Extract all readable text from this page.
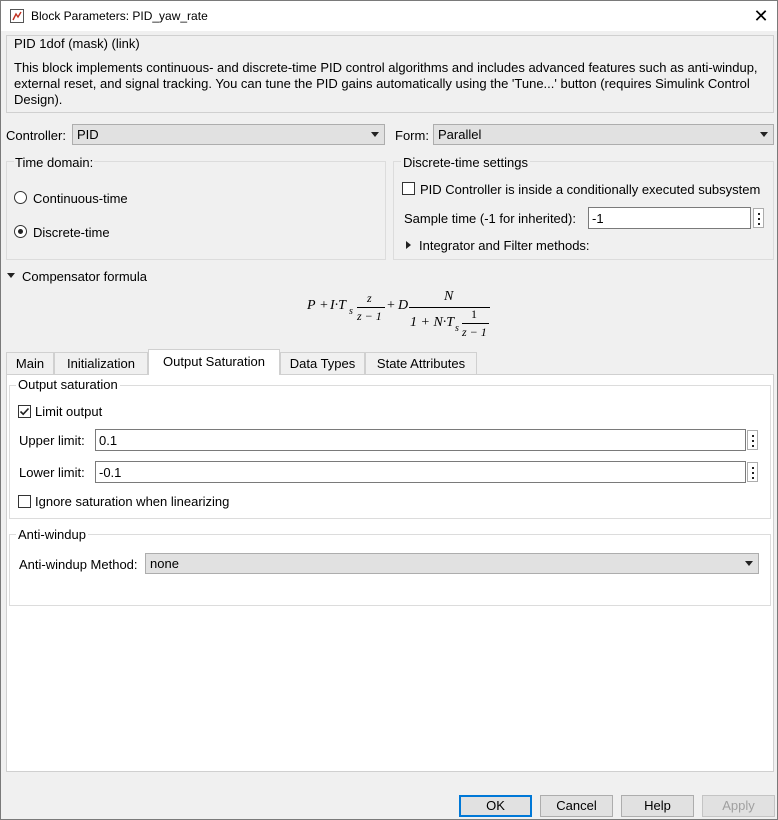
Block Parameters: PID_yaw_rate	✕
PID 1dof (mask) (link)
This block implements continuous- and discrete-time PID control algorithms and includes advanced features such as anti-windup, external reset, and signal tracking. You can tune the PID gains automatically using the 'Tune...' button (requires Simulink Control Design).
Controller: PID	Form: Parallel
Time domain:
Continuous-time
Discrete-time
Discrete-time settings
PID Controller is inside a conditionally executed subsystem
Sample time (-1 for inherited):
-1
Integrator and Filter methods:
Compensator formula
P + I·T s
z
z − 1
+ D
N
1 + N·T s
1
z − 1
Main	Initialization	Output Saturation	Data Types	State Attributes
Output saturation
Limit output
Upper limit:
0.1
Lower limit:
-0.1
Ignore saturation when linearizing
Anti-windup
Anti-windup Method: none
OK	Cancel	Help	Apply
